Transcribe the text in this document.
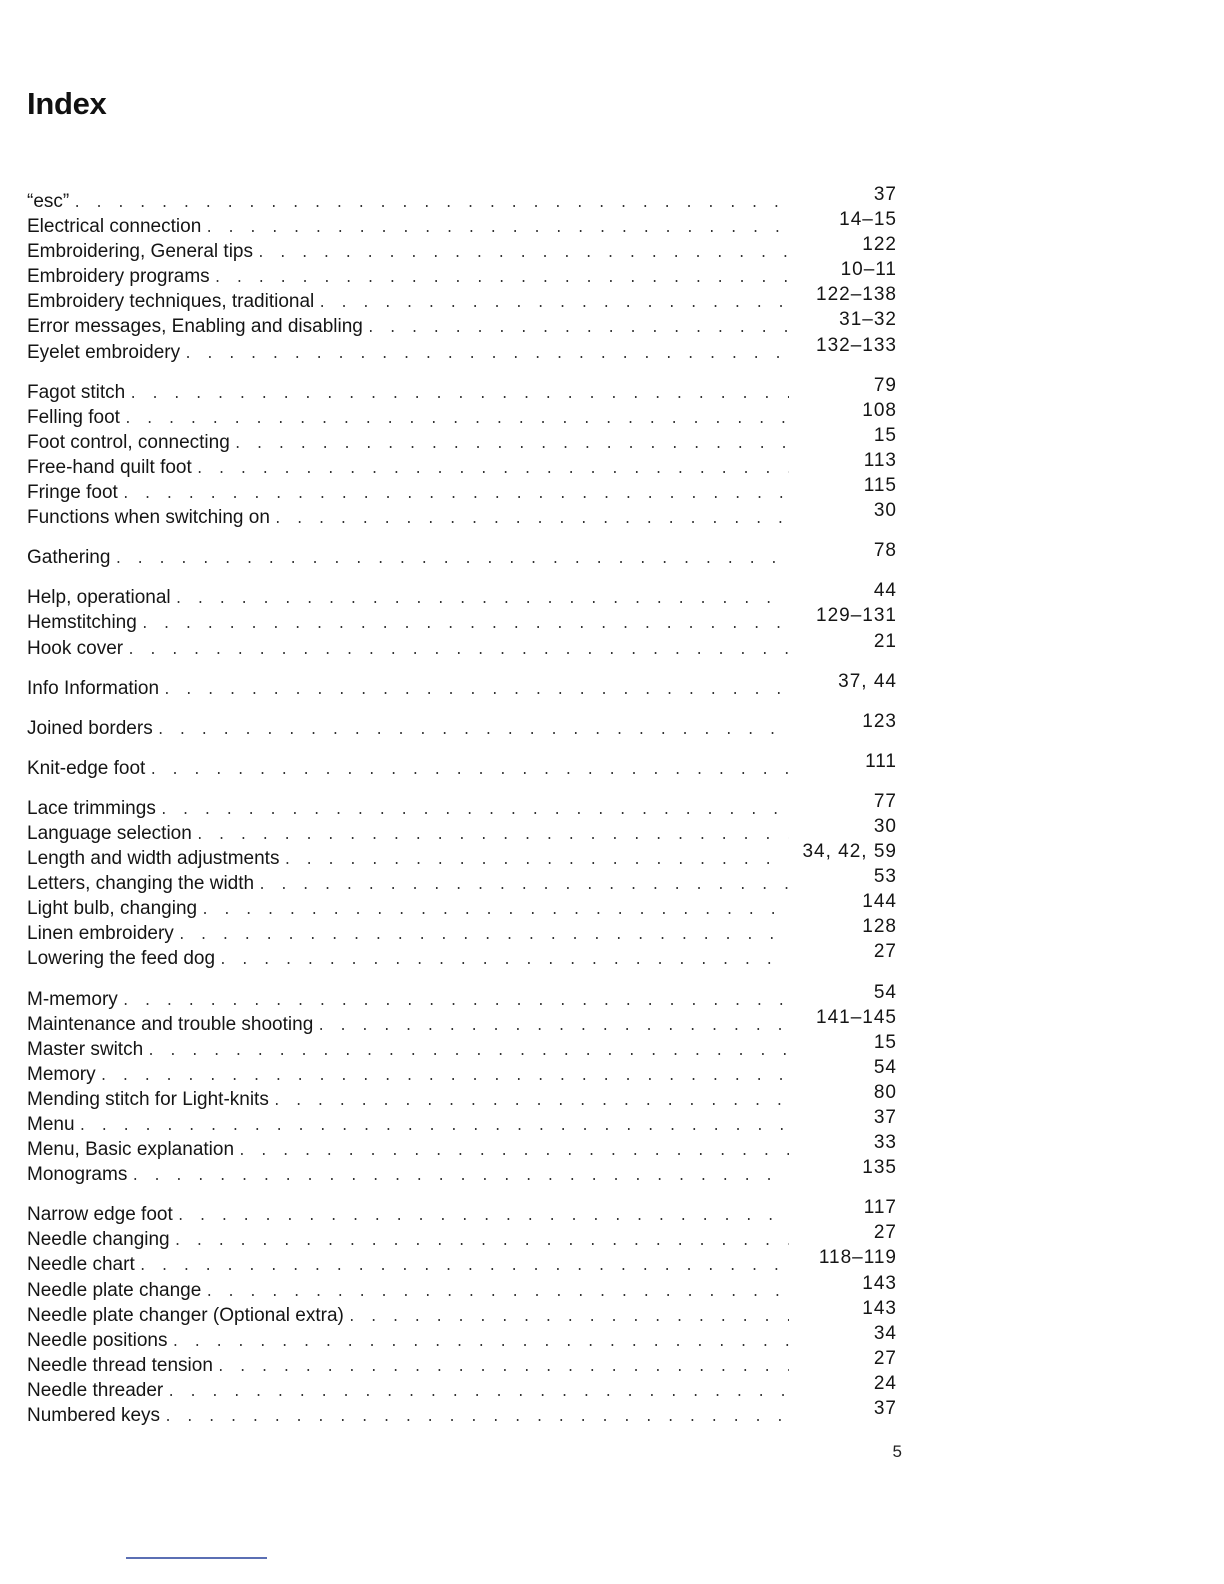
Index
“esc” . . .	37
Electrical connection . . .	14–15
Embroidering, General tips . . .	122
Embroidery programs . . .	10–11
Embroidery techniques, traditional . . .	122–138
Error messages, Enabling and disabling . . .	31–32
Eyelet embroidery . . .	132–133
Fagot stitch . . .	79
Felling foot . . .	108
Foot control, connecting . . .	15
Free-hand quilt foot . . .	113
Fringe foot . . .	115
Functions when switching on . . .	30
Gathering . . .	78
Help, operational . . .	44
Hemstitching . . .	129–131
Hook cover . . .	21
Info Information . . .	37, 44
Joined borders . . .	123
Knit-edge foot . . .	111
Lace trimmings . . .	77
Language selection . . .	30
Length and width adjustments . . .	34, 42, 59
Letters, changing the width . . .	53
Light bulb, changing . . .	144
Linen embroidery . . .	128
Lowering the feed dog . . .	27
M-memory . . .	54
Maintenance and trouble shooting . . .	141–145
Master switch . . .	15
Memory . . .	54
Mending stitch for Light-knits . . .	80
Menu . . .	37
Menu, Basic explanation . . .	33
Monograms . . .	135
Narrow edge foot . . .	117
Needle changing . . .	27
Needle chart . . .	118–119
Needle plate change . . .	143
Needle plate changer (Optional extra) . . .	143
Needle positions . . .	34
Needle thread tension . . .	27
Needle threader . . .	24
Numbered keys . . .	37
5
